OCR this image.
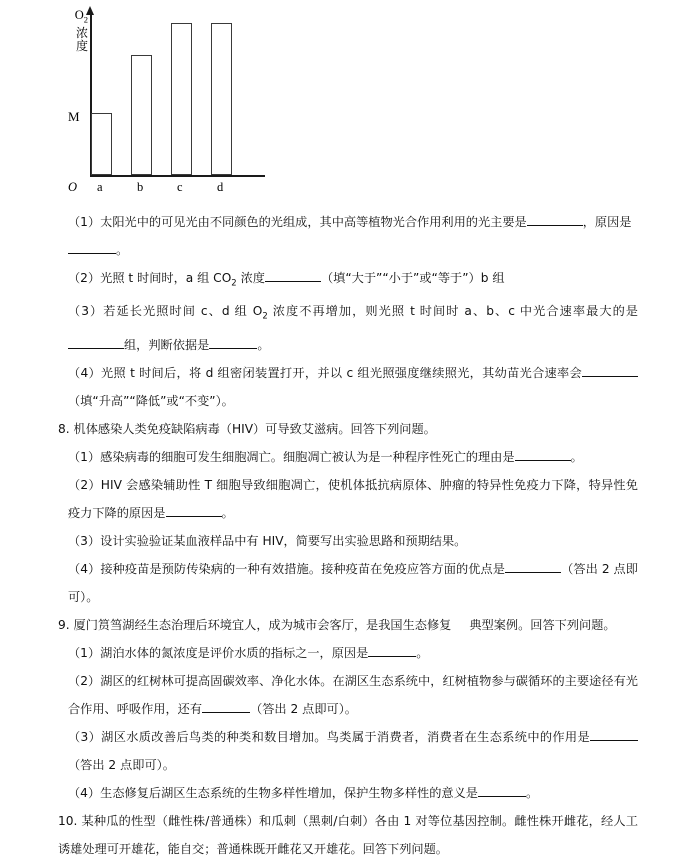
$O_2$
浓
度
M
O a	b	c	d

（1）太阳光中的可见光由不同颜色的光组成，其中高等植物光合作用利用的光主要是	，原因是
。

（2）光照 t 时间时，a 组 $CO_2$ 浓度	（填“大于”“小于”或“等于”）b 组

（3）若延长光照时间 c、d 组 $O_2$ 浓度不再增加，则光照 t 时间时 a、b、c 中光合速率最大的是组，判断依据是	。

（4）光照 t 时间后，将 d 组密闭装置打开，并以 c 组光照强度继续照光，其幼苗光合速率会（填“升高”“降低”或“不变”）。

8. 机体感染人类免疫缺陷病毒（HIV）可导致艾滋病。回答下列问题。

（1）感染病毒的细胞可发生细胞凋亡。细胞凋亡被认为是一种程序性死亡的理由是	。

（2）HIV 会感染辅助性 T 细胞导致细胞凋亡，使机体抵抗病原体、肿瘤的特异性免疫力下降，特异性免疫力下降的原因是	。

（3）设计实验验证某血液样品中有 HIV，简要写出实验思路和预期结果。

（4）接种疫苗是预防传染病的一种有效措施。接种疫苗在免疫应答方面的优点是	（答出 2 点即可）。

9. 厦门筼筜湖经生态治理后环境宜人，成为城市会客厅，是我国生态修复 典型案例。回答下列问题。

（1）湖泊水体的氮浓度是评价水质的指标之一，原因是	。

（2）湖区的红树林可提高固碳效率、净化水体。在湖区生态系统中，红树植物参与碳循环的主要途径有光合作用、呼吸作用，还有	（答出 2 点即可）。

（3）湖区水质改善后鸟类的种类和数目增加。鸟类属于消费者，消费者在生态系统中的作用是（答出 2 点即可）。

（4）生态修复后湖区生态系统的生物多样性增加，保护生物多样性的意义是	。

10. 某种瓜的性型（雌性株/普通株）和瓜刺（黑刺/白刺）各由 1 对等位基因控制。雌性株开雌花，经人工诱雄处理可开雄花，能自交；普通株既开雌花又开雄花。回答下列问题。
